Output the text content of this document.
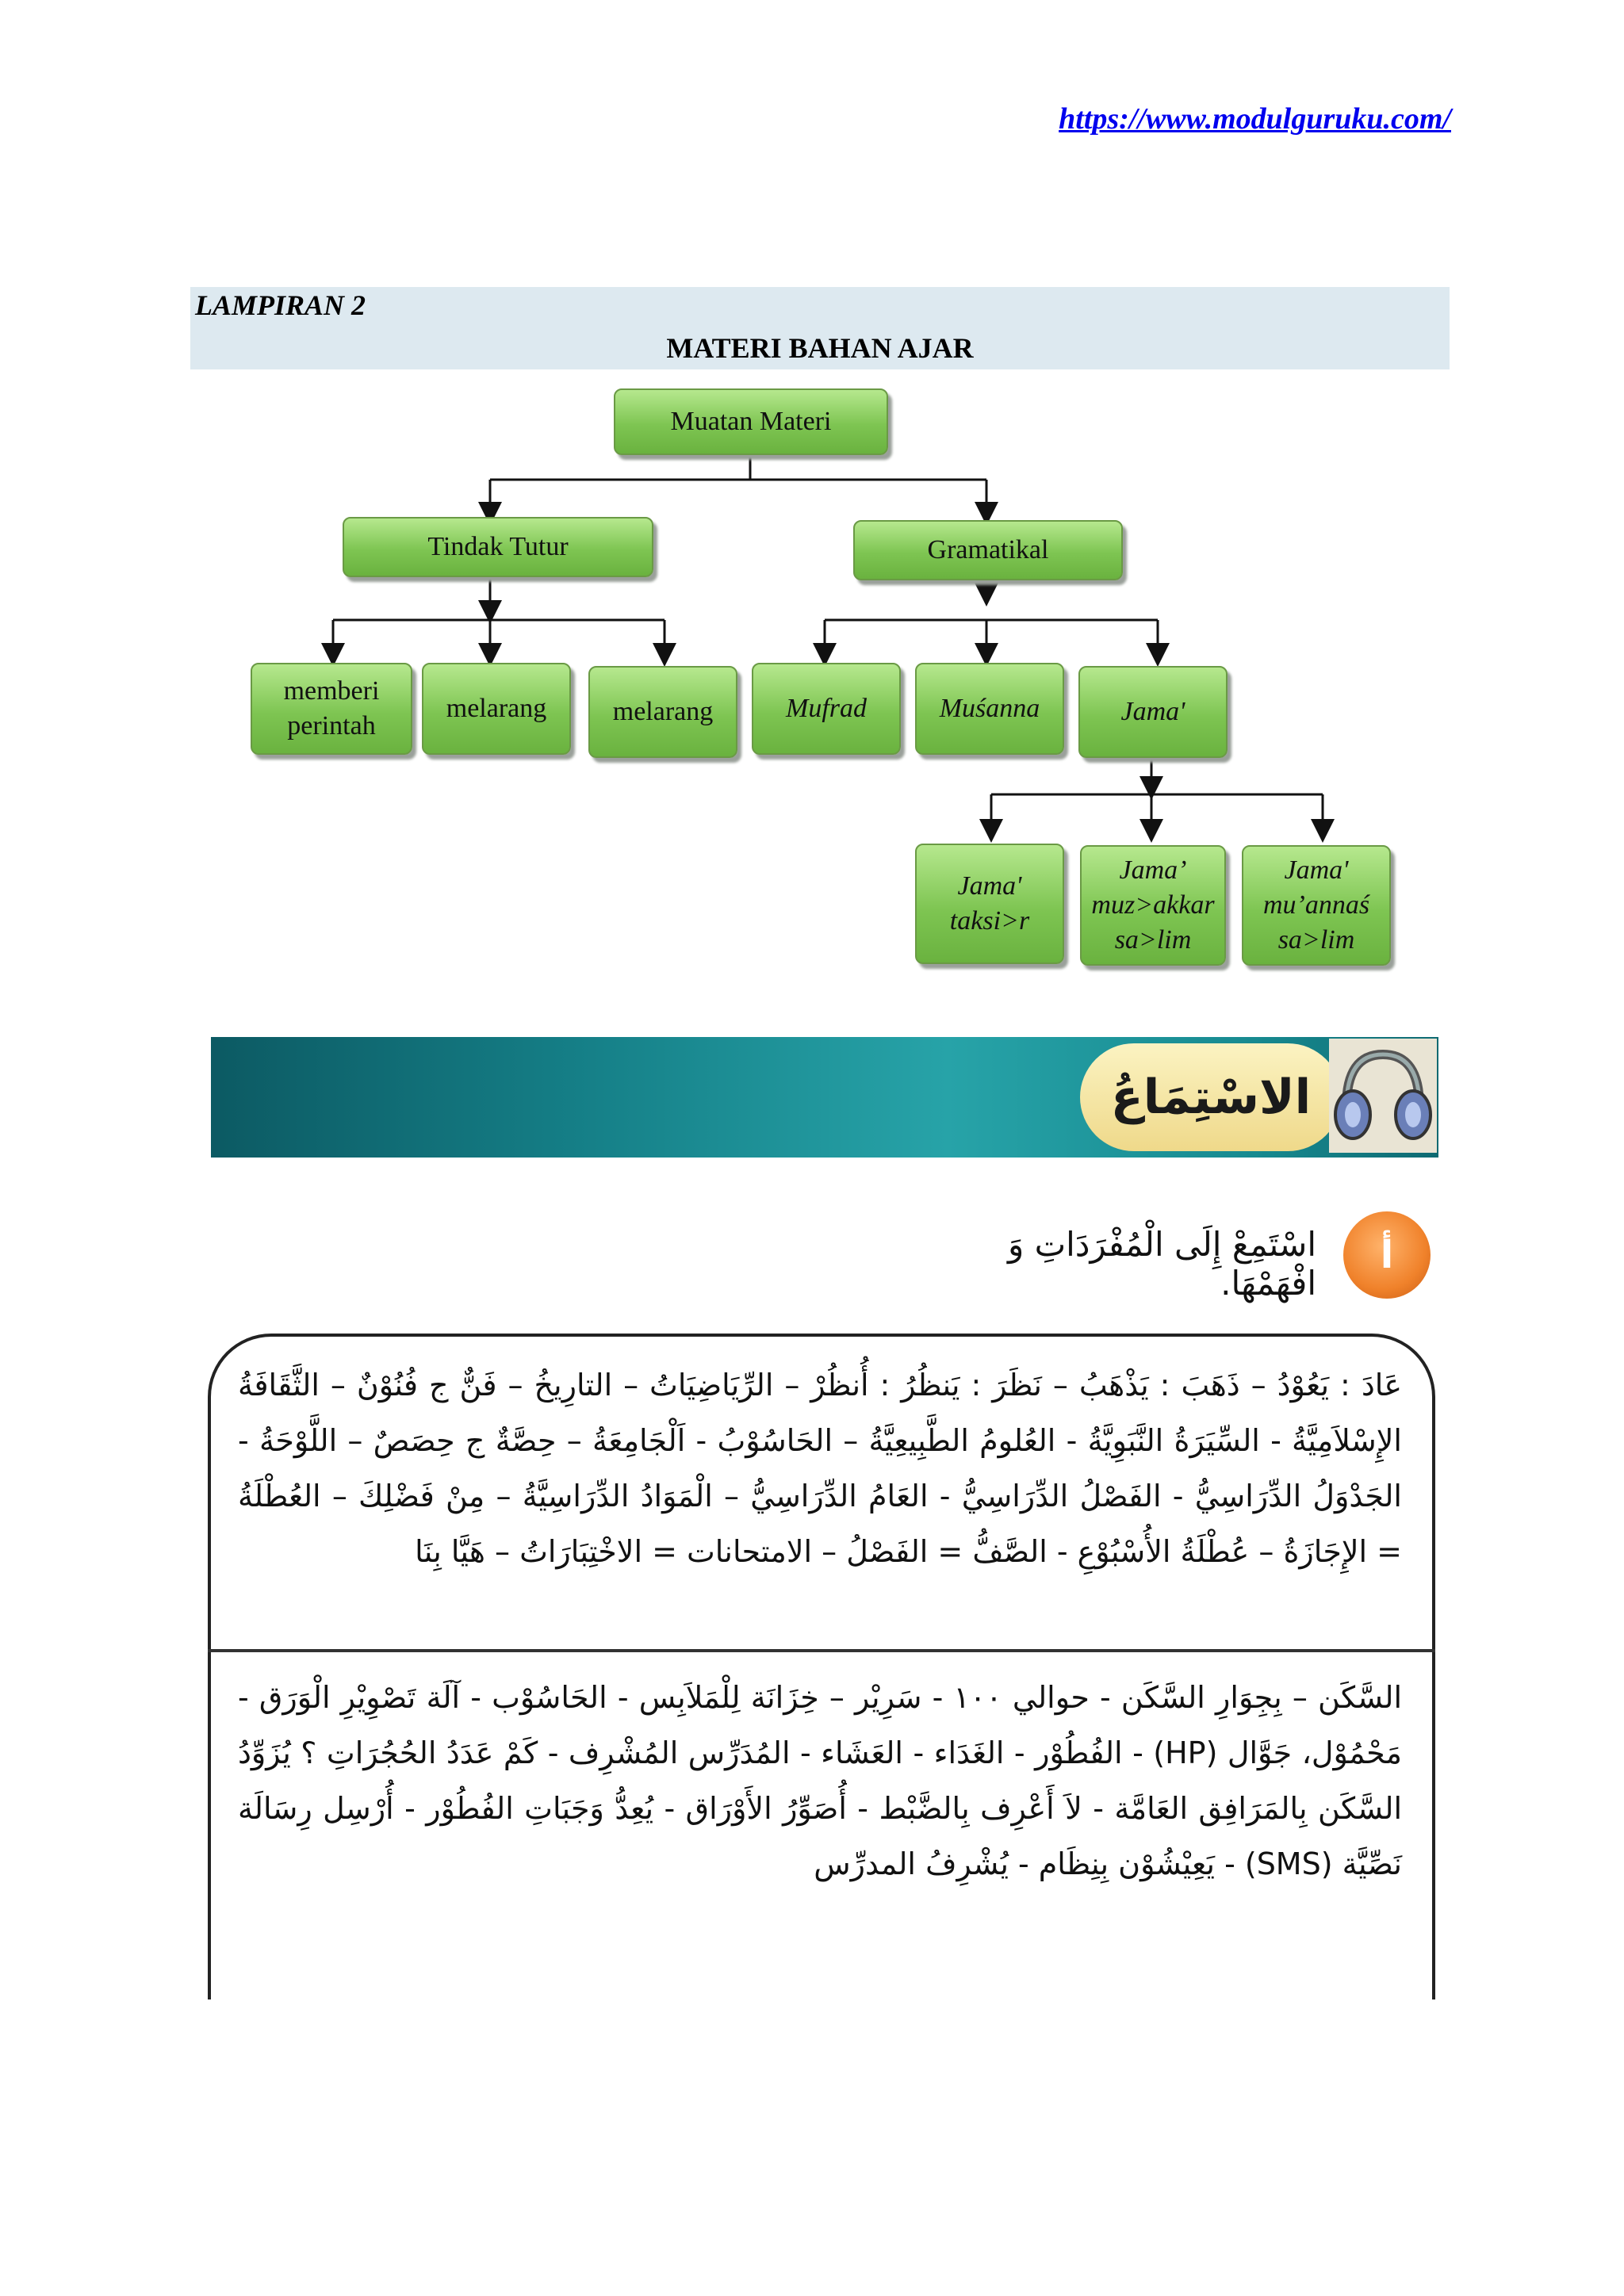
https://www.modulguruku.com/
LAMPIRAN 2
MATERI BAHAN AJAR
Muatan Materi
Tindak Tutur	Gramatikal
memberi perintah
melarang	melarang	Mufrad	Muśanna	Jama'
Jama' taksi>r
Jama’ muz>akkar sa>lim
Jama' mu’annaś sa>lim
الاسْتِمَاعُ
اسْتَمِعْ إِلَى الْمُفْرَدَاتِ وَ افْهَمْهَا.
أ
عَادَ : يَعُوْدُ – ذَهَبَ : يَذْهَبُ – نَظَرَ : يَنظُرُ : أُنظُرْ – الرِّيَاضِيَاتُ – التارِيخُ – فَنٌّ ج فُنُوْنٌ – الثَّقَافَةُ الإِسْلاَمِيَّةُ - السِّيَرَةُ النَّبَوِيَّةُ - العُلومُ الطَّبِيعِيَّةُ – الحَاسُوْبُ - اَلْجَامِعَةُ – حِصَّةٌ ج حِصَصٌ – اللَّوْحَةُ - الجَدْوَلُ الدِّرَاسِيُّ - الفَصْلُ الدِّرَاسِيُّ - العَامُ الدِّرَاسِيُّ – الْمَوَادُ الدِّرَاسِيَّةُ – مِنْ فَضْلِكَ – العُطْلَةُ = الإِجَازَةُ – عُطْلَةُ الأُسْبُوْعِ - الصَّفُّ = الفَصْلُ – الامتحانات = الاخْتِبَارَاتُ – هَيَّا بِنَا
السَّكَن – بِجِوَارِ السَّكَن - حوالي ١٠٠ - سَرِيْر – خِزَانَة لِلْمَلاَبِس - الحَاسُوْب - آلَة تَصْوِيْرِ الْوَرَق - مَحْمُوْل، جَوَّال (HP) - الفُطُوْر - الغَدَاء - العَشَاء - المُدَرِّس المُشْرِف - كَمْ عَدَدُ الحُجُرَاتِ ؟ يُزَوِّدُ السَّكَن بِالمَرَافِق العَامَّة - لاَ أَعْرِف بِالضَّبْط - أُصَوِّرُ الأَوْرَاق - يُعِدُّ وَجَبَاتِ الفُطُوْر - أُرْسِل رِسَالَة نَصِّيَّة (SMS) - يَعِيْشُوْن بِنِظَام - يُشْرِفُ المدرِّس
